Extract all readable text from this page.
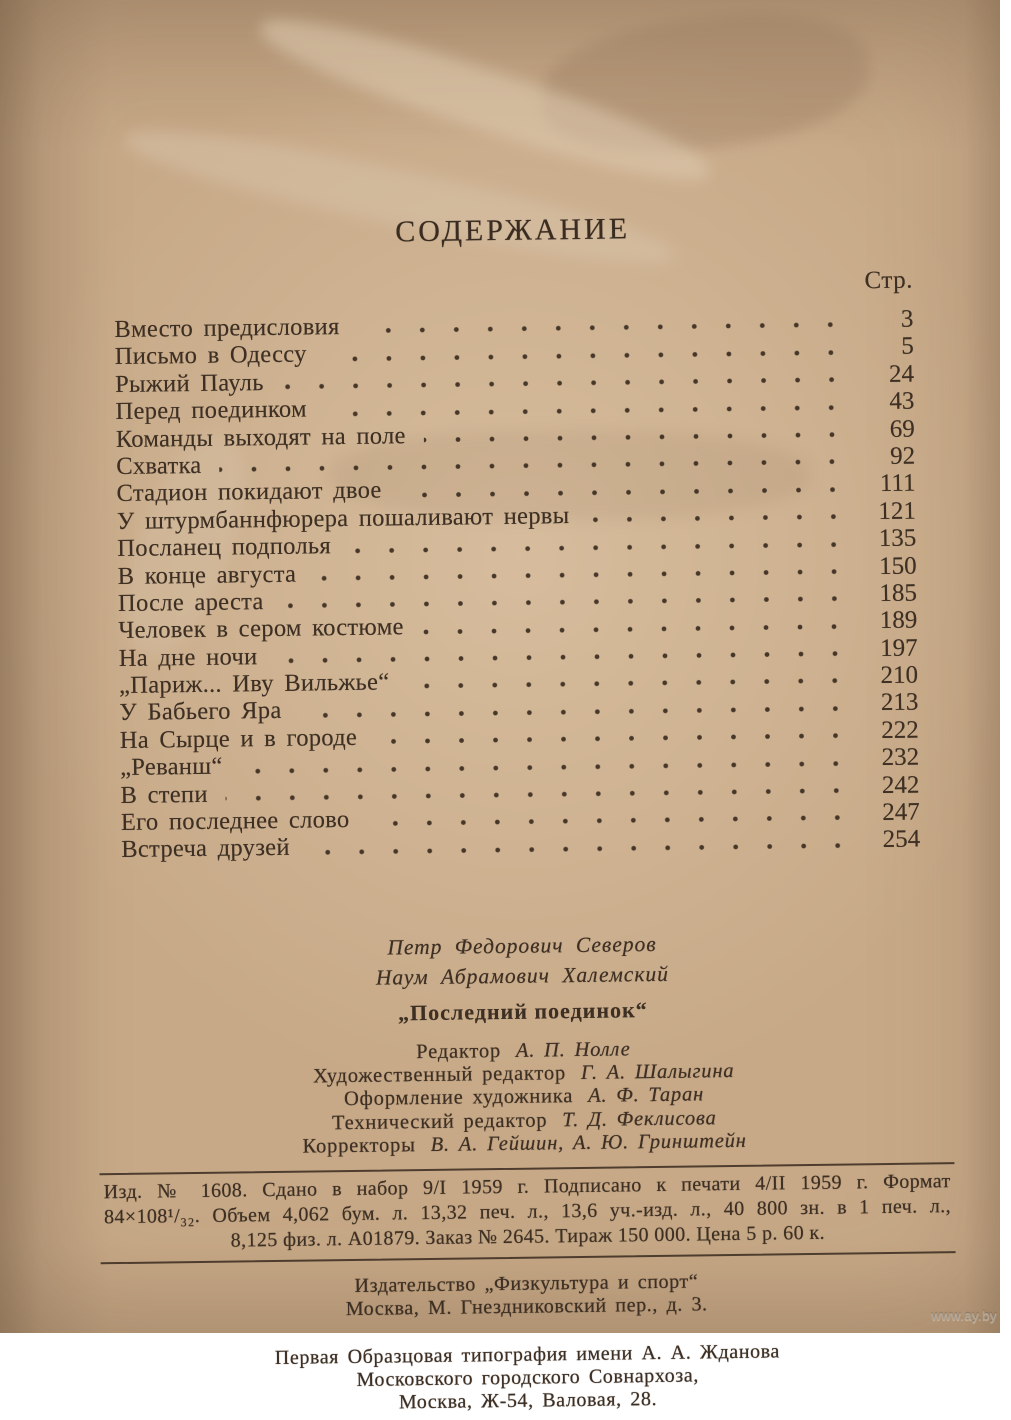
СОДЕРЖАНИЕ
Стр.
Вместо предисловия	3
Письмо в Одессу	5
Рыжий Пауль	24
Перед поединком	43
Команды выходят на поле	69
Схватка	92
Стадион покидают двое	111
У штурмбаннфюрера пошаливают нервы	121
Посланец подполья	135
В конце августа	150
После ареста	185
Человек в сером костюме	189
На дне ночи	197
„Париж... Иву Вильжье“	210
У Бабьего Яра	213
На Сырце и в городе	222
„Реванш“	232
В степи	242
Его последнее слово	247
Встреча друзей	254
Петр Федорович Северов
Наум Абрамович Халемский
„Последний поединок“
Редактор А. П. Нолле
Художественный редактор Г. А. Шалыгина
Оформление художника А. Ф. Таран
Технический редактор Т. Д. Феклисова
Корректоры В. А. Гейшин, А. Ю. Гринштейн
Изд. № 1608. Сдано в набор 9/I 1959 г. Подписано к печати 4/II 1959 г. Формат
84×108¹/₃₂. Объем 4,062 бум. л. 13,32 печ. л., 13,6 уч.-изд. л., 40 800 зн. в 1 печ. л.,
8,125 физ. л. А01879. Заказ № 2645. Тираж 150 000. Цена 5 р. 60 к.
Издательство „Физкультура и спорт“
Москва, М. Гнездниковский пер., д. 3.
Первая Образцовая типография имени А. А. Жданова
Московского городского Совнархоза,
Москва, Ж-54, Валовая, 28.
www.ay.by
